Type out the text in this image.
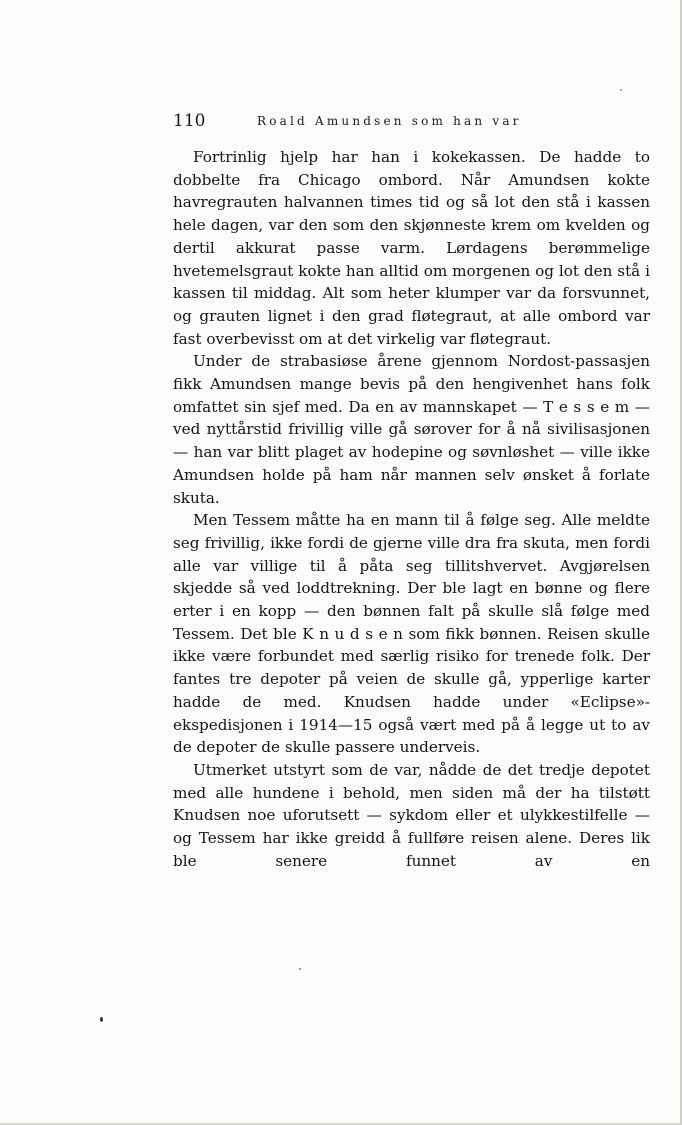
110	Roald Amundsen som han var

Fortrinlig hjelp har han i kokekassen. De hadde to dobbelte fra Chicago ombord. Når Amundsen kokte havregrauten halvannen times tid og så lot den stå i kassen hele dagen, var den som den skjønneste krem om kvelden og dertil akkurat passe varm. Lørdagens berømmelige hvetemelsgraut kokte han alltid om morgenen og lot den stå i kassen til middag. Alt som heter klumper var da forsvunnet, og grauten lignet i den grad fløtegraut, at alle ombord var fast overbevisst om at det virkelig var fløtegraut.

Under de strabasiøse årene gjennom Nordost-passasjen fikk Amundsen mange bevis på den hengivenhet hans folk omfattet sin sjef med. Da en av mannskapet — T e s s e m — ved nyttårstid frivillig ville gå sørover for å nå sivilisasjonen — han var blitt plaget av hodepine og søvnløshet — ville ikke Amundsen holde på ham når mannen selv ønsket å forlate skuta.

Men Tessem måtte ha en mann til å følge seg. Alle meldte seg frivillig, ikke fordi de gjerne ville dra fra skuta, men fordi alle var villige til å påta seg tillitshvervet. Avgjørelsen skjedde så ved loddtrekning. Der ble lagt en bønne og flere erter i en kopp — den bønnen falt på skulle slå følge med Tessem. Det ble K n u d s e n som fikk bønnen. Reisen skulle ikke være forbundet med særlig risiko for trenede folk. Der fantes tre depoter på veien de skulle gå, ypperlige karter hadde de med. Knudsen hadde under «Eclipse»-ekspedisjonen i 1914—15 også vært med på å legge ut to av de depoter de skulle passere underveis.

Utmerket utstyrt som de var, nådde de det tredje depotet med alle hundene i behold, men siden må der ha tilstøtt Knudsen noe uforutsett — sykdom eller et ulykkestilfelle — og Tessem har ikke greidd å fullføre reisen alene. Deres lik ble senere funnet av en
